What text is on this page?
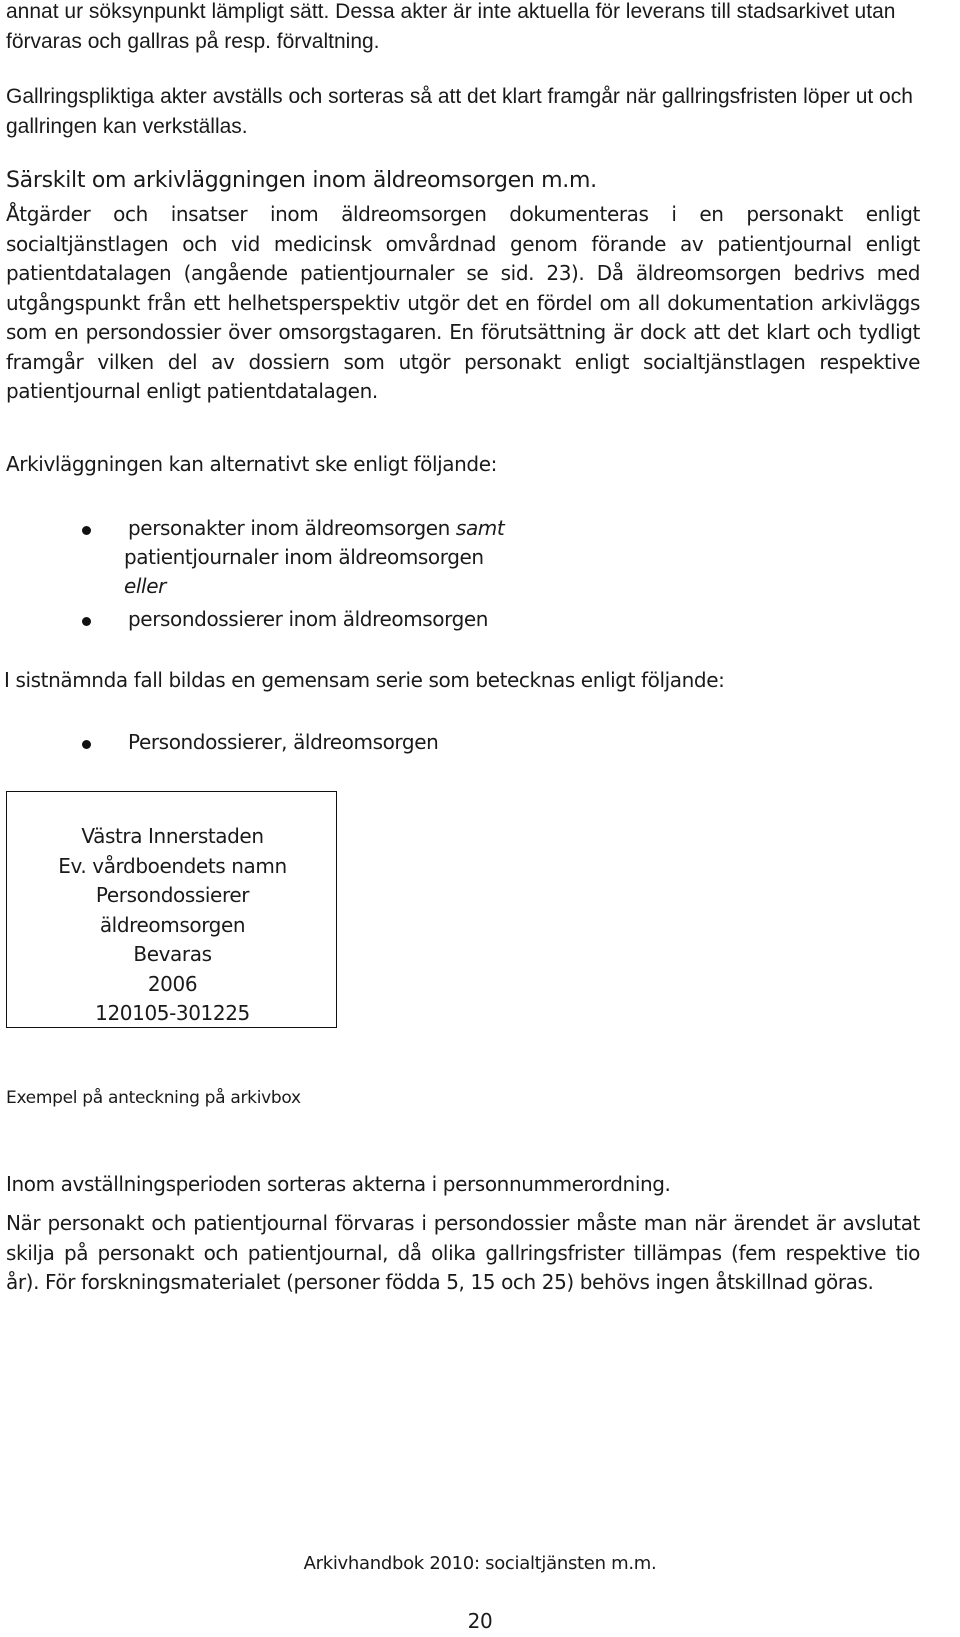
annat ur söksynpunkt lämpligt sätt. Dessa akter är inte aktuella för leverans till stadsarkivet utan förvaras och gallras på resp. förvaltning.

Gallringspliktiga akter avställs och sorteras så att det klart framgår när gallringsfristen löper ut och gallringen kan verkställas.

Särskilt om arkivläggningen inom äldreomsorgen m.m.

Åtgärder och insatser inom äldreomsorgen dokumenteras i en personakt enligt socialtjänstlagen och vid medicinsk omvårdnad genom förande av patientjournal enligt patientdatalagen (angående patientjournaler se sid. 23). Då äldreomsorgen bedrivs med utgångspunkt från ett helhetsperspektiv utgör det en fördel om all dokumentation arkivläggs som en persondossier över omsorgstagaren. En förutsättning är dock att det klart och tydligt framgår vilken del av dossiern som utgör personakt enligt socialtjänstlagen respektive patientjournal enligt patientdatalagen.

Arkivläggningen kan alternativt ske enligt följande:

personakter inom äldreomsorgen samt
patientjournaler inom äldreomsorgen
eller
persondossierer inom äldreomsorgen

I sistnämnda fall bildas en gemensam serie som betecknas enligt följande:

Persondossierer, äldreomsorgen
Västra Innerstaden
Ev. vårdboendets namn
Persondossierer
äldreomsorgen
Bevaras
2006
120105-301225

Exempel på anteckning på arkivbox

Inom avställningsperioden sorteras akterna i personnummerordning.

När personakt och patientjournal förvaras i persondossier måste man när ärendet är avslutat skilja på personakt och patientjournal, då olika gallringsfrister tillämpas (fem respektive tio år). För forskningsmaterialet (personer födda 5, 15 och 25) behövs ingen åtskillnad göras.

Arkivhandbok 2010: socialtjänsten m.m.
20
